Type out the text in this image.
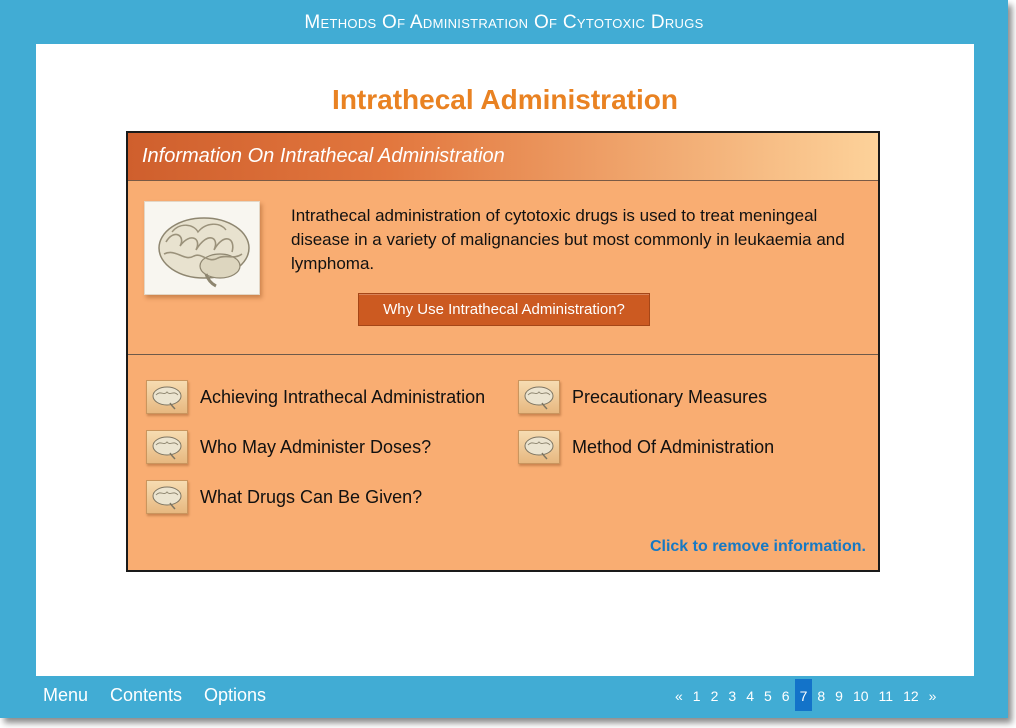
Methods Of Administration Of Cytotoxic Drugs
Intrathecal Administration
Information On Intrathecal Administration
Intrathecal administration of cytotoxic drugs is used to treat meningeal disease in a variety of malignancies but most commonly in leukaemia and lymphoma.
Why Use Intrathecal Administration?
Achieving Intrathecal Administration	Precautionary Measures
Who May Administer Doses?	Method Of Administration
What Drugs Can Be Given?
Click to remove information.
Menu Contents Options	« 1 2 3 4 5 6 7 8 9 10 11 12 »
